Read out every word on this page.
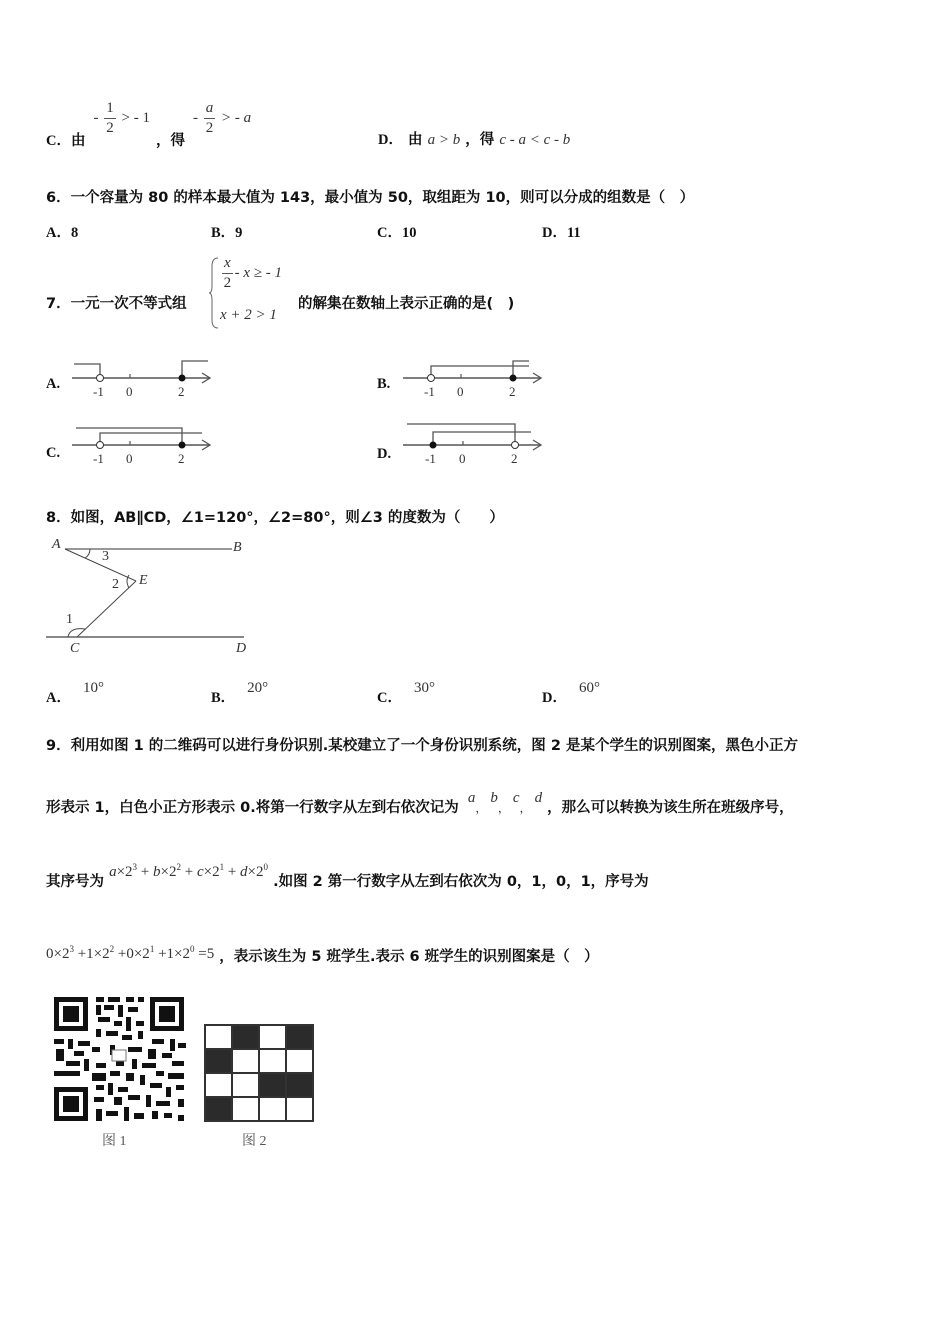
C． 由
- $\frac{1}{2}$ > - 1
，得
- $\frac{a}{2}$ > - a
D． 由 a > b ，得 c - a < c - b
6．一个容量为 80 的样本最大值为 143，最小值为 50，取组距为 10，则可以分成的组数是（　）
A．8	B．9	C．10	D．11
7．一元一次不等式组
$\frac{x}{2}$ - x ≥ - 1
x + 2 > 1
的解集在数轴上表示正确的是(　)
A.	-1 0	2	B.	-1 0	2
C.	-1 0	2	D.	-1 0	2
8．如图，AB∥CD，∠1=120°，∠2=80°，则∠3 的度数为（　　）
A	B
C	D
E
1
2
3
A．10°
B．20°
C．30°
D．60°
9．利用如图 1 的二维码可以进行身份识别.某校建立了一个身份识别系统，图 2 是某个学生的识别图案，黑色小正方
形表示 1，白色小正方形表示 0.将第一行数字从左到右依次记为 a， b， c， d ，那么可以转换为该生所在班级序号，
其序号为 $a\times 2^3 + b\times 2^2 + c\times 2^1 + d\times 2^0$ .如图 2 第一行数字从左到右依次为 0，1，0，1，序号为
$0\times 2^3 +1\times 2^2 +0\times 2^1 +1\times 2^0 =5$ ，表示该生为 5 班学生.表示 6 班学生的识别图案是（　）
图 1	图 2
